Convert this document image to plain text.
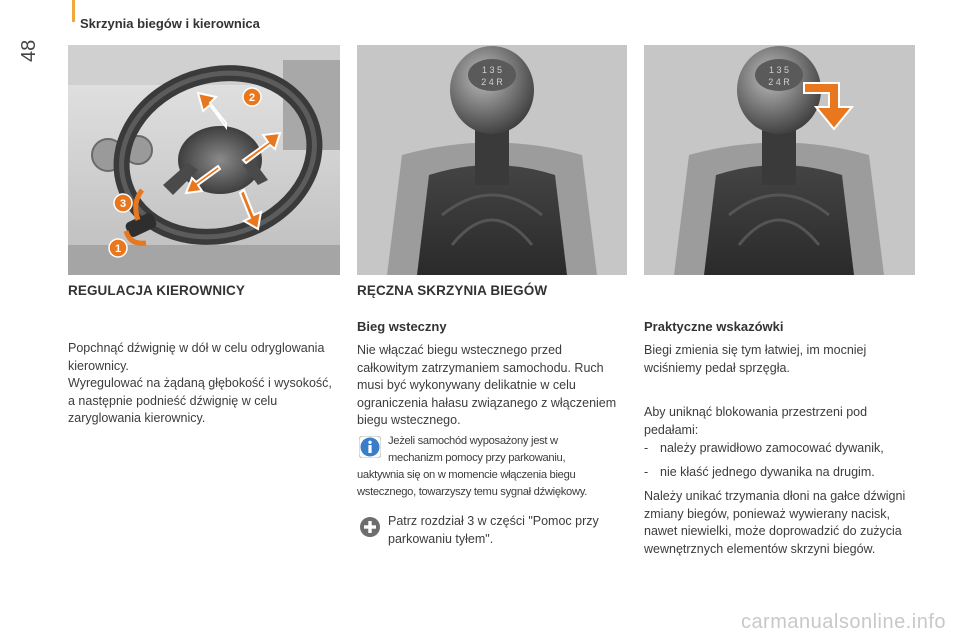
48
Skrzynia biegów i kierownica
1
2
3
1 3 5
2 4 R
1 3 5
2 4 R
REGULACJA KIEROWNICY

Popchnąć dźwignię w dół w celu odryglowania kierownicy.
Wyregulować na żądaną głębokość i wysokość, a następnie podnieść dźwignię w celu zaryglowania kierownicy.

RĘCZNA SKRZYNIA BIEGÓW
Bieg wsteczny

Nie włączać biegu wstecznego przed całkowitym zatrzymaniem samochodu. Ruch musi być wykonywany delikatnie w celu ograniczenia hałasu związanego z włączeniem biegu wstecznego.

Jeżeli samochód wyposażony jest w
mechanizm pomocy przy parkowaniu,
uaktywnia się on w momencie włączenia biegu
wstecznego, towarzyszy temu sygnał dźwiękowy.

Patrz rozdział 3 w części "Pomoc przy parkowaniu tyłem".

Praktyczne wskazówki

Biegi zmienia się tym łatwiej, im mocniej wciśniemy pedał sprzęgła.

Aby uniknąć blokowania przestrzeni pod pedałami:

- należy prawidłowo zamocować dywanik,
- nie kłaść jednego dywanika na drugim.

Należy unikać trzymania dłoni na gałce dźwigni zmiany biegów, ponieważ wywierany nacisk, nawet niewielki, może doprowadzić do zużycia wewnętrznych elementów skrzyni biegów.

carmanualsonline.info
